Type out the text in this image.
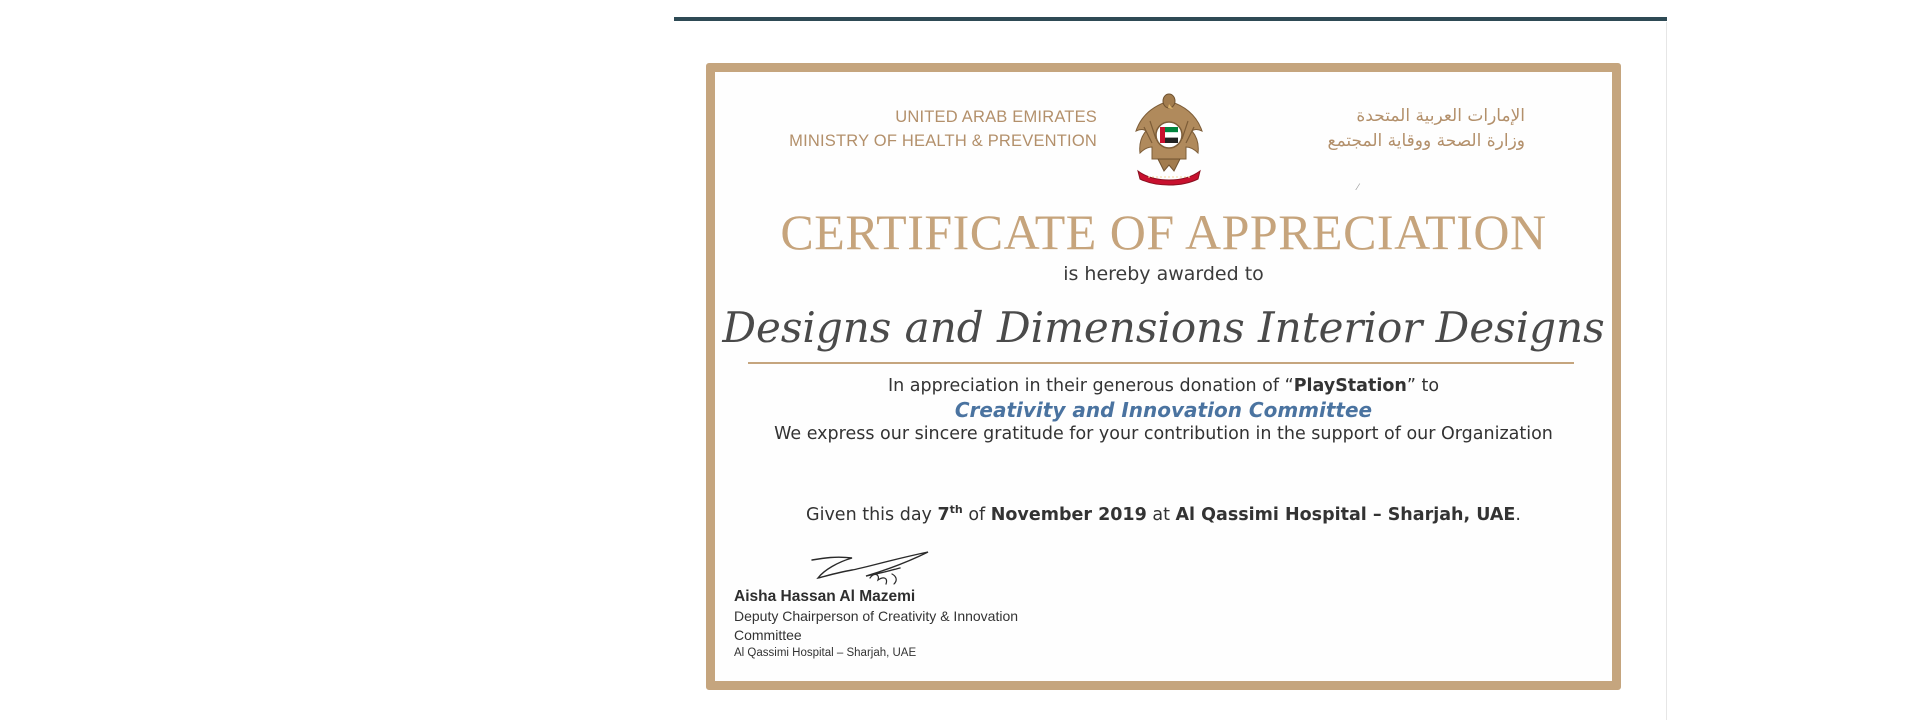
UNITED ARAB EMIRATES
MINISTRY OF HEALTH & PREVENTION
الإمارات العربية المتحدة
وزارة الصحة ووقاية المجتمع
⁄
CERTIFICATE OF APPRECIATION
is hereby awarded to
Designs and Dimensions Interior Designs
In appreciation in their generous donation of “PlayStation” to
Creativity and Innovation Committee
We express our sincere gratitude for your contribution in the support of our Organization
Given this day 7th of November 2019 at Al Qassimi Hospital – Sharjah, UAE.
Aisha Hassan Al Mazemi
Deputy Chairperson of Creativity & Innovation Committee
Al Qassimi Hospital – Sharjah, UAE
